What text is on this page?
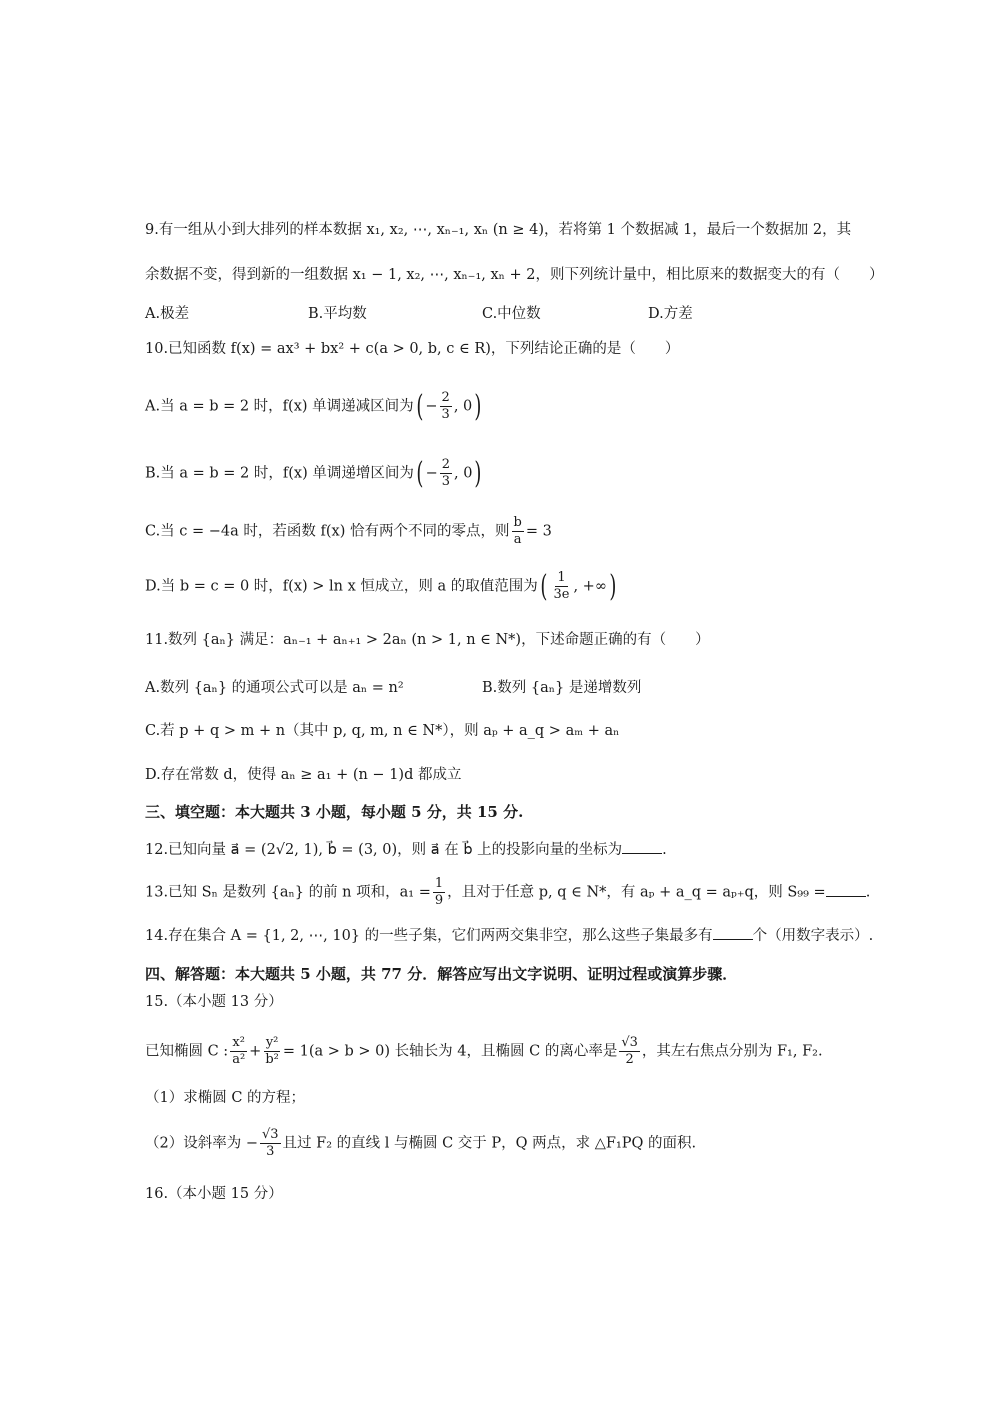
9.有一组从小到大排列的样本数据 x₁, x₂, ⋯, xₙ₋₁, xₙ (n ≥ 4)，若将第 1 个数据减 1，最后一个数据加 2，其
余数据不变，得到新的一组数据 x₁ − 1, x₂, ⋯, xₙ₋₁, xₙ + 2，则下列统计量中，相比原来的数据变大的有（　　）
A.极差	B.平均数	C.中位数	D.方差
10.已知函数 f(x) = ax³ + bx² + c(a > 0, b, c ∈ R)，下列结论正确的是（　　）
A.当 a = b = 2 时，f(x) 单调递减区间为( − $\frac{2}{3}$ , 0)
B.当 a = b = 2 时，f(x) 单调递增区间为( − $\frac{2}{3}$ , 0)
C.当 c = −4a 时，若函数 f(x) 恰有两个不同的零点，则 $\frac{b}{a} = 3$
D.当 b = c = 0 时，f(x) > ln x 恒成立，则 a 的取值范围为( $\frac{1}{3e}$ , +∞)
11.数列 {aₙ} 满足：aₙ₋₁ + aₙ₊₁ > 2aₙ (n > 1, n ∈ N*)，下述命题正确的有（　　）
A.数列 {aₙ} 的通项公式可以是 aₙ = n²	B.数列 {aₙ} 是递增数列
C.若 p + q > m + n（其中 p, q, m, n ∈ N*），则 aₚ + a_q > aₘ + aₙ
D.存在常数 d，使得 aₙ ≥ a₁ + (n − 1)d 都成立
三、填空题：本大题共 3 小题，每小题 5 分，共 15 分.
12.已知向量 a⃗ = (2√2, 1), b⃗ = (3, 0)，则 a⃗ 在 b⃗ 上的投影向量的坐标为	.
13.已知 Sₙ 是数列 {aₙ} 的前 n 项和，$a_1 = \frac{1}{9}$ ，且对于任意 p, q ∈ N*，有 aₚ + a_q = aₚ₊q，则 S₉₉ =	.
14.存在集合 A = {1, 2, ⋯, 10} 的一些子集，它们两两交集非空，那么这些子集最多有	个（用数字表示）.
四、解答题：本大题共 5 小题，共 77 分．解答应写出文字说明、证明过程或演算步骤．
15.（本小题 13 分）
已知椭圆 C : $\frac{\text{x²}}{\text{a²}} + \frac{\text{y²}}{\text{b²}} = 1(a > b > 0)$ 长轴长为 4，且椭圆 C 的离心率是 $\frac{√3}{2}$ ，其左右焦点分别为 F₁, F₂.
（1）求椭圆 C 的方程；
（2）设斜率为 − $\frac{√3}{3}$ 且过 F₂ 的直线 l 与椭圆 C 交于 P，Q 两点，求 △F₁PQ 的面积.
16.（本小题 15 分）
